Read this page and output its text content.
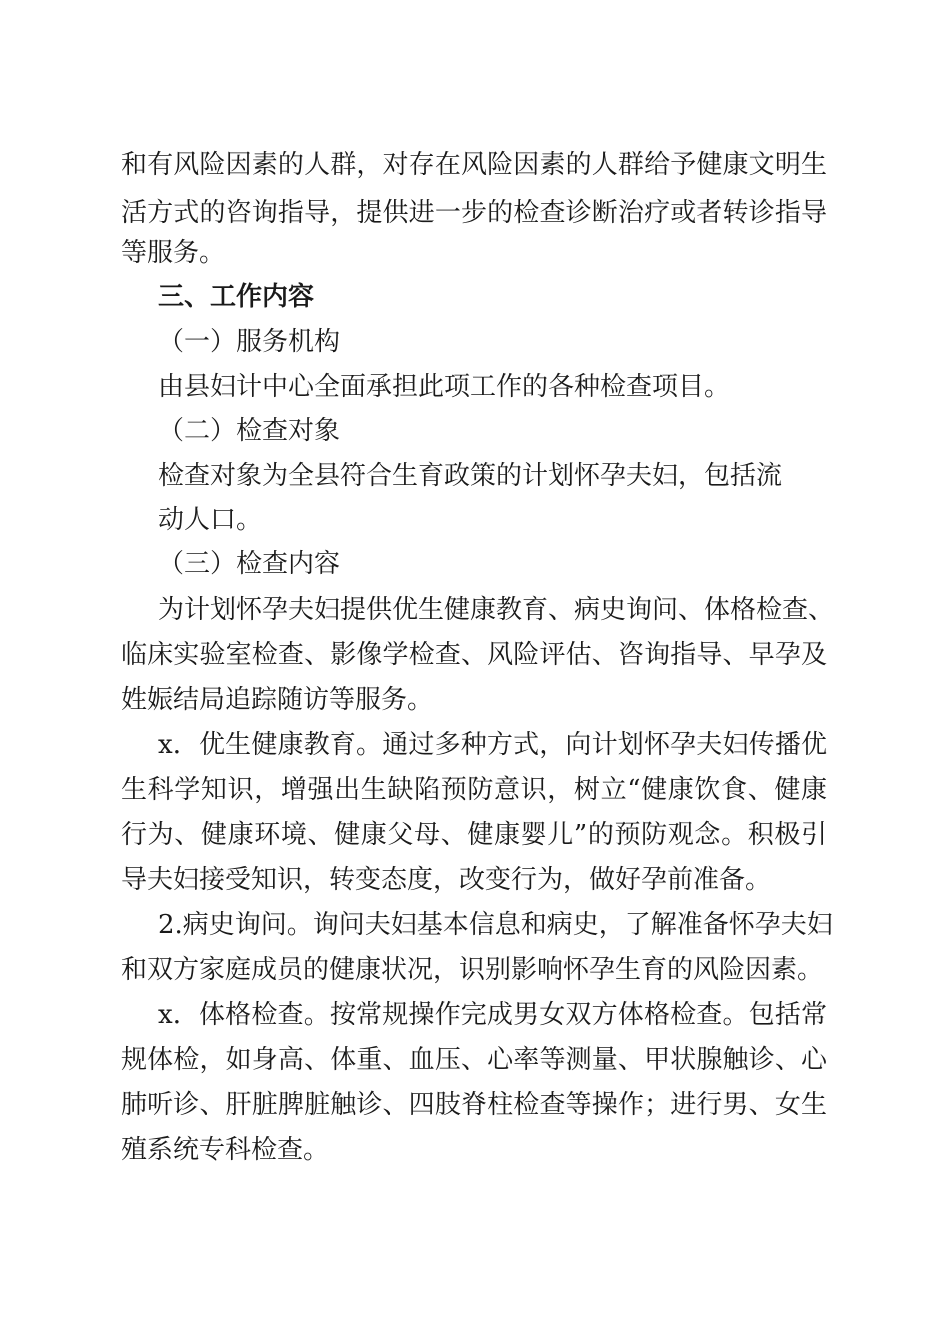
和有风险因素的人群，对存在风险因素的人群给予健康文明生
活方式的咨询指导，提供进一步的检查诊断治疗或者转诊指导
等服务。
三、工作内容
（一）服务机构
由县妇计中心全面承担此项工作的各种检查项目。
（二）检查对象
检查对象为全县符合生育政策的计划怀孕夫妇，包括流
动人口。
（三）检查内容
为计划怀孕夫妇提供优生健康教育、病史询问、体格检查、
临床实验室检查、影像学检查、风险评估、咨询指导、早孕及
姓娠结局追踪随访等服务。
x．优生健康教育。通过多种方式，向计划怀孕夫妇传播优
生科学知识，增强出生缺陷预防意识，树立“健康饮食、健康
行为、健康环境、健康父母、健康婴儿”的预防观念。积极引
导夫妇接受知识，转变态度，改变行为，做好孕前准备。
2.病史询问。询问夫妇基本信息和病史，了解准备怀孕夫妇
和双方家庭成员的健康状况，识别影响怀孕生育的风险因素。
x．体格检查。按常规操作完成男女双方体格检查。包括常
规体检，如身高、体重、血压、心率等测量、甲状腺触诊、心
肺听诊、肝脏脾脏触诊、四肢脊柱检查等操作；进行男、女生
殖系统专科检查。
